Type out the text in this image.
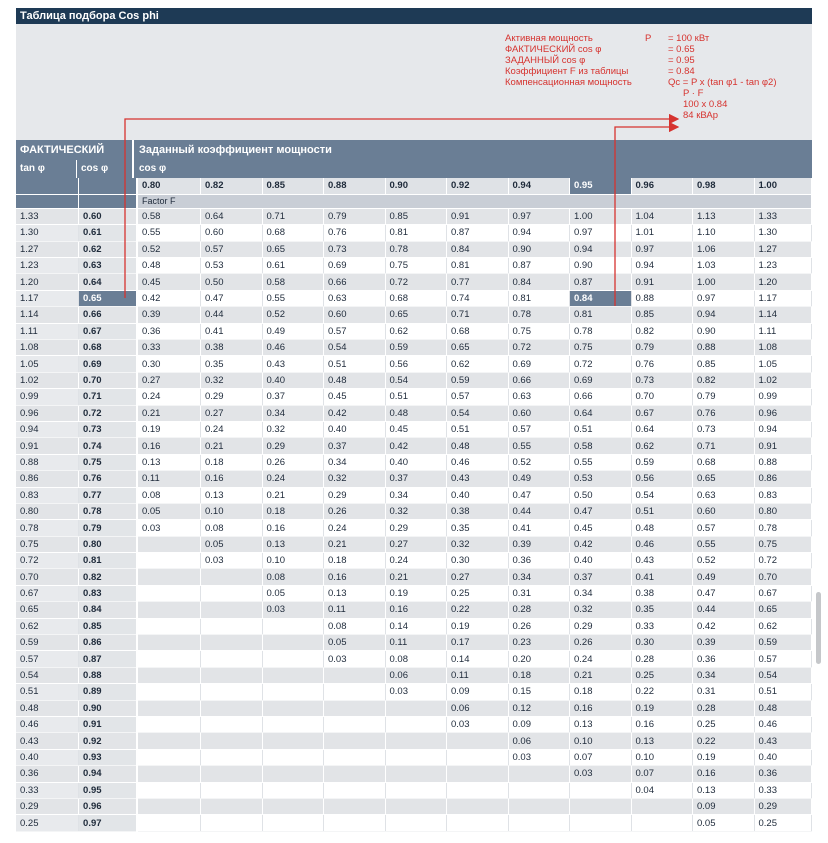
Таблица подбора Cos phi
Активная мощность	P = 100 кВт
ФАКТИЧЕСКИЙ cos φ	= 0.65
ЗАДАННЫЙ cos φ	= 0.95
Коэффициент F из таблицы	= 0.84
Компенсационная мощность	Qc = P x (tan φ1 - tan φ2)
P · F
100 x 0.84
84 кВАр
ФАКТИЧЕСКИЙ	Заданный коэффициент мощности
tan φ	cos φ	cos φ
		0.80	0.82	0.85	0.88	0.90	0.92	0.94	0.95	0.96	0.98	1.00
		Factor F										
1.33	0.60	0.58	0.64	0.71	0.79	0.85	0.91	0.97	1.00	1.04	1.13	1.33
1.30	0.61	0.55	0.60	0.68	0.76	0.81	0.87	0.94	0.97	1.01	1.10	1.30
1.27	0.62	0.52	0.57	0.65	0.73	0.78	0.84	0.90	0.94	0.97	1.06	1.27
1.23	0.63	0.48	0.53	0.61	0.69	0.75	0.81	0.87	0.90	0.94	1.03	1.23
1.20	0.64	0.45	0.50	0.58	0.66	0.72	0.77	0.84	0.87	0.91	1.00	1.20
1.17	0.65	0.42	0.47	0.55	0.63	0.68	0.74	0.81	0.84	0.88	0.97	1.17
1.14	0.66	0.39	0.44	0.52	0.60	0.65	0.71	0.78	0.81	0.85	0.94	1.14
1.11	0.67	0.36	0.41	0.49	0.57	0.62	0.68	0.75	0.78	0.82	0.90	1.11
1.08	0.68	0.33	0.38	0.46	0.54	0.59	0.65	0.72	0.75	0.79	0.88	1.08
1.05	0.69	0.30	0.35	0.43	0.51	0.56	0.62	0.69	0.72	0.76	0.85	1.05
1.02	0.70	0.27	0.32	0.40	0.48	0.54	0.59	0.66	0.69	0.73	0.82	1.02
0.99	0.71	0.24	0.29	0.37	0.45	0.51	0.57	0.63	0.66	0.70	0.79	0.99
0.96	0.72	0.21	0.27	0.34	0.42	0.48	0.54	0.60	0.64	0.67	0.76	0.96
0.94	0.73	0.19	0.24	0.32	0.40	0.45	0.51	0.57	0.51	0.64	0.73	0.94
0.91	0.74	0.16	0.21	0.29	0.37	0.42	0.48	0.55	0.58	0.62	0.71	0.91
0.88	0.75	0.13	0.18	0.26	0.34	0.40	0.46	0.52	0.55	0.59	0.68	0.88
0.86	0.76	0.11	0.16	0.24	0.32	0.37	0.43	0.49	0.53	0.56	0.65	0.86
0.83	0.77	0.08	0.13	0.21	0.29	0.34	0.40	0.47	0.50	0.54	0.63	0.83
0.80	0.78	0.05	0.10	0.18	0.26	0.32	0.38	0.44	0.47	0.51	0.60	0.80
0.78	0.79	0.03	0.08	0.16	0.24	0.29	0.35	0.41	0.45	0.48	0.57	0.78
0.75	0.80		0.05	0.13	0.21	0.27	0.32	0.39	0.42	0.46	0.55	0.75
0.72	0.81		0.03	0.10	0.18	0.24	0.30	0.36	0.40	0.43	0.52	0.72
0.70	0.82			0.08	0.16	0.21	0.27	0.34	0.37	0.41	0.49	0.70
0.67	0.83			0.05	0.13	0.19	0.25	0.31	0.34	0.38	0.47	0.67
0.65	0.84			0.03	0.11	0.16	0.22	0.28	0.32	0.35	0.44	0.65
0.62	0.85				0.08	0.14	0.19	0.26	0.29	0.33	0.42	0.62
0.59	0.86				0.05	0.11	0.17	0.23	0.26	0.30	0.39	0.59
0.57	0.87				0.03	0.08	0.14	0.20	0.24	0.28	0.36	0.57
0.54	0.88					0.06	0.11	0.18	0.21	0.25	0.34	0.54
0.51	0.89					0.03	0.09	0.15	0.18	0.22	0.31	0.51
0.48	0.90						0.06	0.12	0.16	0.19	0.28	0.48
0.46	0.91						0.03	0.09	0.13	0.16	0.25	0.46
0.43	0.92							0.06	0.10	0.13	0.22	0.43
0.40	0.93							0.03	0.07	0.10	0.19	0.40
0.36	0.94								0.03	0.07	0.16	0.36
0.33	0.95									0.04	0.13	0.33
0.29	0.96										0.09	0.29
0.25	0.97										0.05	0.25
